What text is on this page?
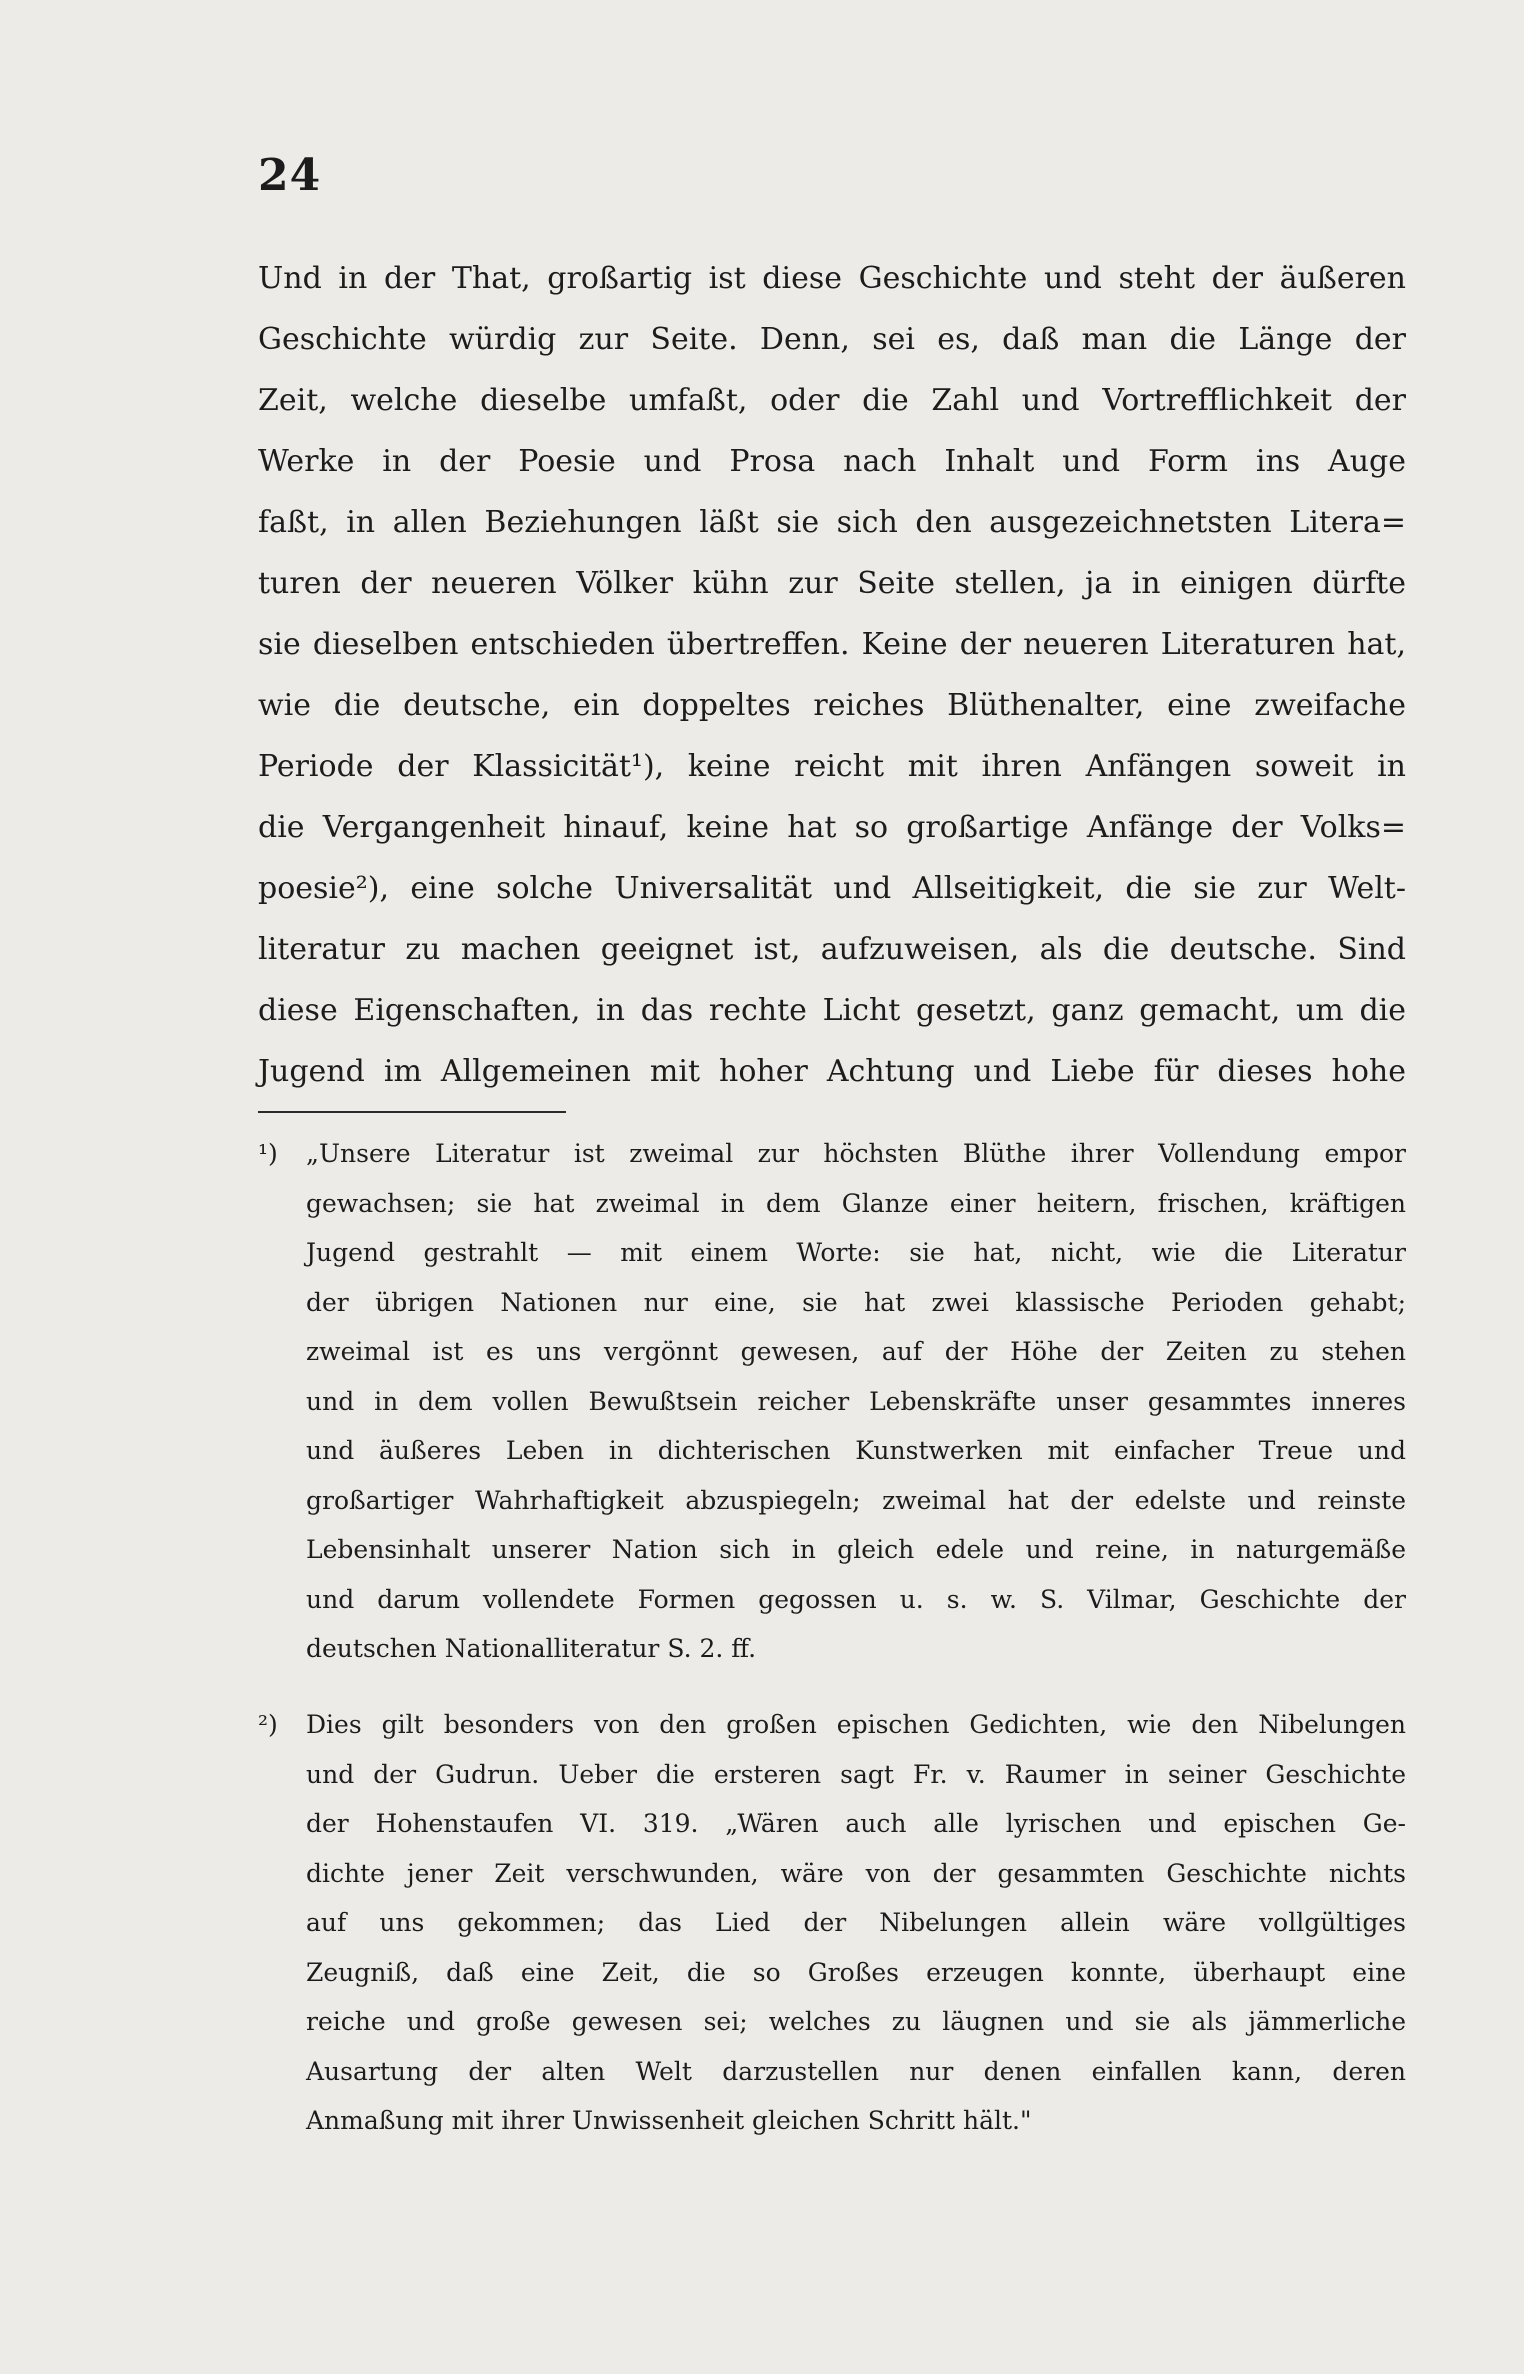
24
Und in der That, großartig ist diese Geschichte und steht der äußeren
Geschichte würdig zur Seite. Denn, sei es, daß man die Länge der
Zeit, welche dieselbe umfaßt, oder die Zahl und Vortrefflichkeit der
Werke in der Poesie und Prosa nach Inhalt und Form ins Auge
faßt, in allen Beziehungen läßt sie sich den ausgezeichnetsten Litera=
turen der neueren Völker kühn zur Seite stellen, ja in einigen dürfte
sie dieselben entschieden übertreffen. Keine der neueren Literaturen hat,
wie die deutsche, ein doppeltes reiches Blüthenalter, eine zweifache
Periode der Klassicität¹), keine reicht mit ihren Anfängen soweit in
die Vergangenheit hinauf, keine hat so großartige Anfänge der Volks=
poesie²), eine solche Universalität und Allseitigkeit, die sie zur Welt-
literatur zu machen geeignet ist, aufzuweisen, als die deutsche. Sind
diese Eigenschaften, in das rechte Licht gesetzt, ganz gemacht, um die
Jugend im Allgemeinen mit hoher Achtung und Liebe für dieses hohe
¹) „Unsere Literatur ist zweimal zur höchsten Blüthe ihrer Vollendung empor
gewachsen; sie hat zweimal in dem Glanze einer heitern, frischen, kräftigen
Jugend gestrahlt — mit einem Worte: sie hat, nicht, wie die Literatur
der übrigen Nationen nur eine, sie hat zwei klassische Perioden gehabt;
zweimal ist es uns vergönnt gewesen, auf der Höhe der Zeiten zu stehen
und in dem vollen Bewußtsein reicher Lebenskräfte unser gesammtes inneres
und äußeres Leben in dichterischen Kunstwerken mit einfacher Treue und
großartiger Wahrhaftigkeit abzuspiegeln; zweimal hat der edelste und reinste
Lebensinhalt unserer Nation sich in gleich edele und reine, in naturgemäße
und darum vollendete Formen gegossen u. s. w. S. Vilmar, Geschichte der
deutschen Nationalliteratur S. 2. ff.
²) Dies gilt besonders von den großen epischen Gedichten, wie den Nibelungen
und der Gudrun. Ueber die ersteren sagt Fr. v. Raumer in seiner Geschichte
der Hohenstaufen VI. 319. „Wären auch alle lyrischen und epischen Ge-
dichte jener Zeit verschwunden, wäre von der gesammten Geschichte nichts
auf uns gekommen; das Lied der Nibelungen allein wäre vollgültiges
Zeugniß, daß eine Zeit, die so Großes erzeugen konnte, überhaupt eine
reiche und große gewesen sei; welches zu läugnen und sie als jämmerliche
Ausartung der alten Welt darzustellen nur denen einfallen kann, deren
Anmaßung mit ihrer Unwissenheit gleichen Schritt hält."
